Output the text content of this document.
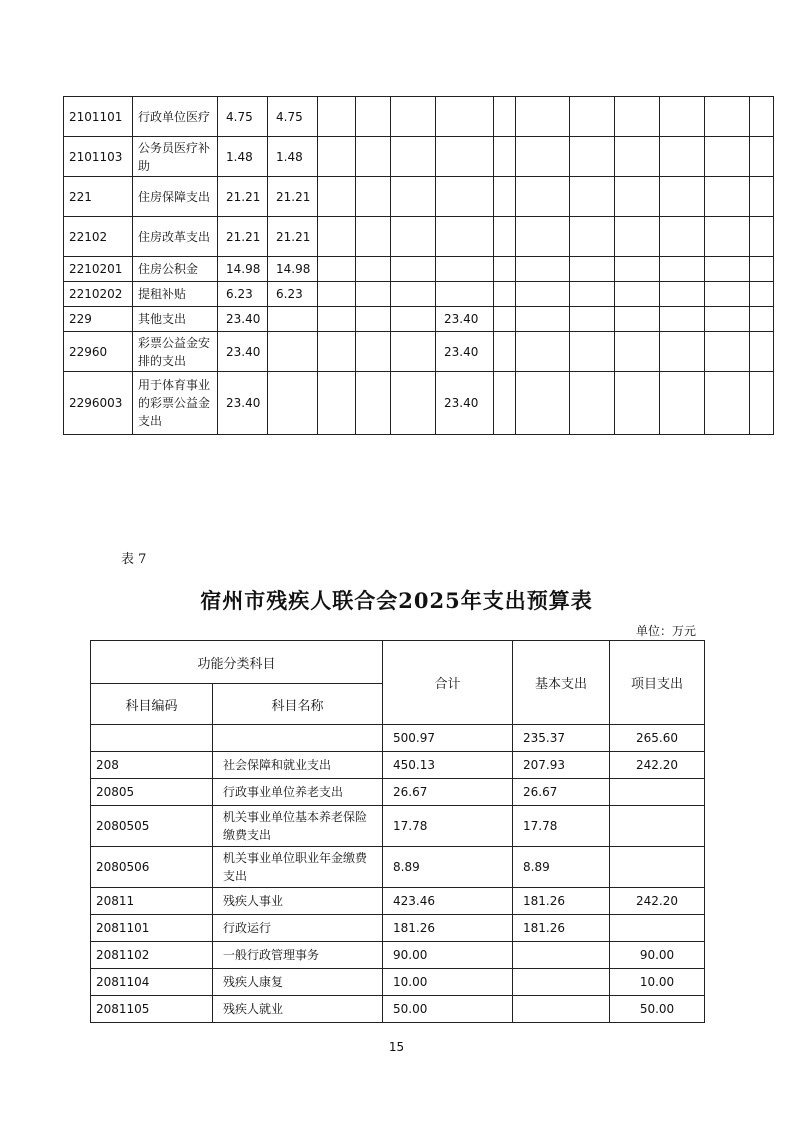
2101101	行政单位医疗	4.75	4.75											
2101103	公务员医疗补助	1.48	1.48											
221	住房保障支出	21.21	21.21											
22102	住房改革支出	21.21	21.21											
2210201	住房公积金	14.98	14.98											
2210202	提租补贴	6.23	6.23											
229	其他支出	23.40					23.40							
22960	彩票公益金安排的支出	23.40					23.40							
2296003	用于体育事业的彩票公益金支出	23.40					23.40							
表 7
宿州市残疾人联合会2025年支出预算表
单位：万元
功能分类科目		合计	基本支出	项目支出
科目编码	科目名称			
		500.97	235.37	265.60
208	社会保障和就业支出	450.13	207.93	242.20
20805	行政事业单位养老支出	26.67	26.67	
2080505	机关事业单位基本养老保险缴费支出	17.78	17.78	
2080506	机关事业单位职业年金缴费支出	8.89	8.89	
20811	残疾人事业	423.46	181.26	242.20
2081101	行政运行	181.26	181.26	
2081102	一般行政管理事务	90.00		90.00
2081104	残疾人康复	10.00		10.00
2081105	残疾人就业	50.00		50.00
15
